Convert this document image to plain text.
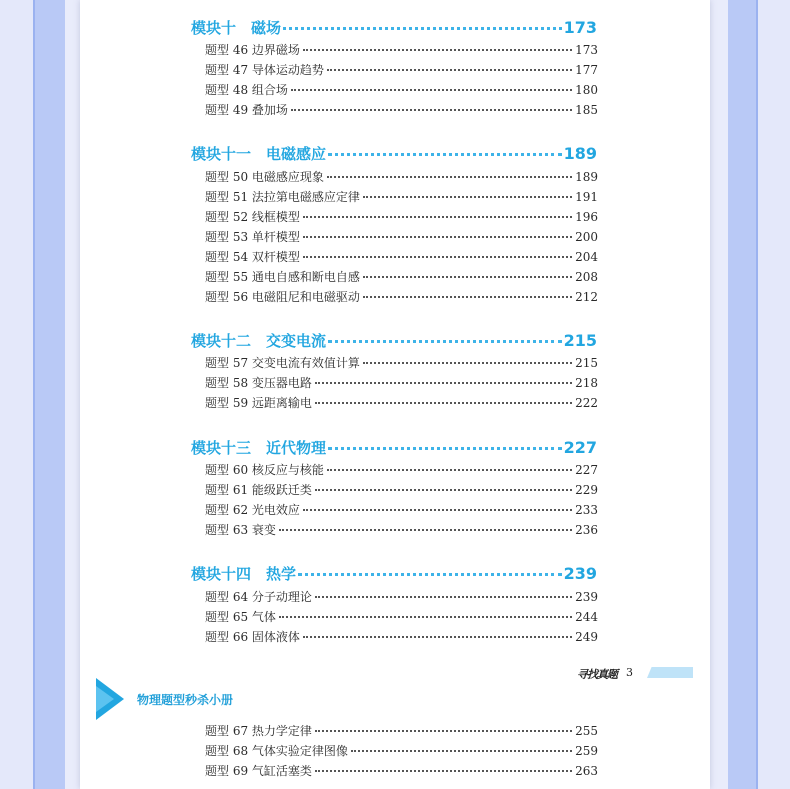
模块十　磁场	173
题型 46 边界磁场	173
题型 47 导体运动趋势	177
题型 48 组合场	180
题型 49 叠加场	185
模块十一　电磁感应	189
题型 50 电磁感应现象	189
题型 51 法拉第电磁感应定律	191
题型 52 线框模型	196
题型 53 单杆模型	200
题型 54 双杆模型	204
题型 55 通电自感和断电自感	208
题型 56 电磁阻尼和电磁驱动	212
模块十二　交变电流	215
题型 57 交变电流有效值计算	215
题型 58 变压器电路	218
题型 59 远距离输电	222
模块十三　近代物理	227
题型 60 核反应与核能	227
题型 61 能级跃迁类	229
题型 62 光电效应	233
题型 63 衰变	236
模块十四　热学	239
题型 64 分子动理论	239
题型 65 气体	244
题型 66 固体液体	249
寻找真题 3
物理题型秒杀小册
题型 67 热力学定律	255
题型 68 气体实验定律图像	259
题型 69 气缸活塞类	263
